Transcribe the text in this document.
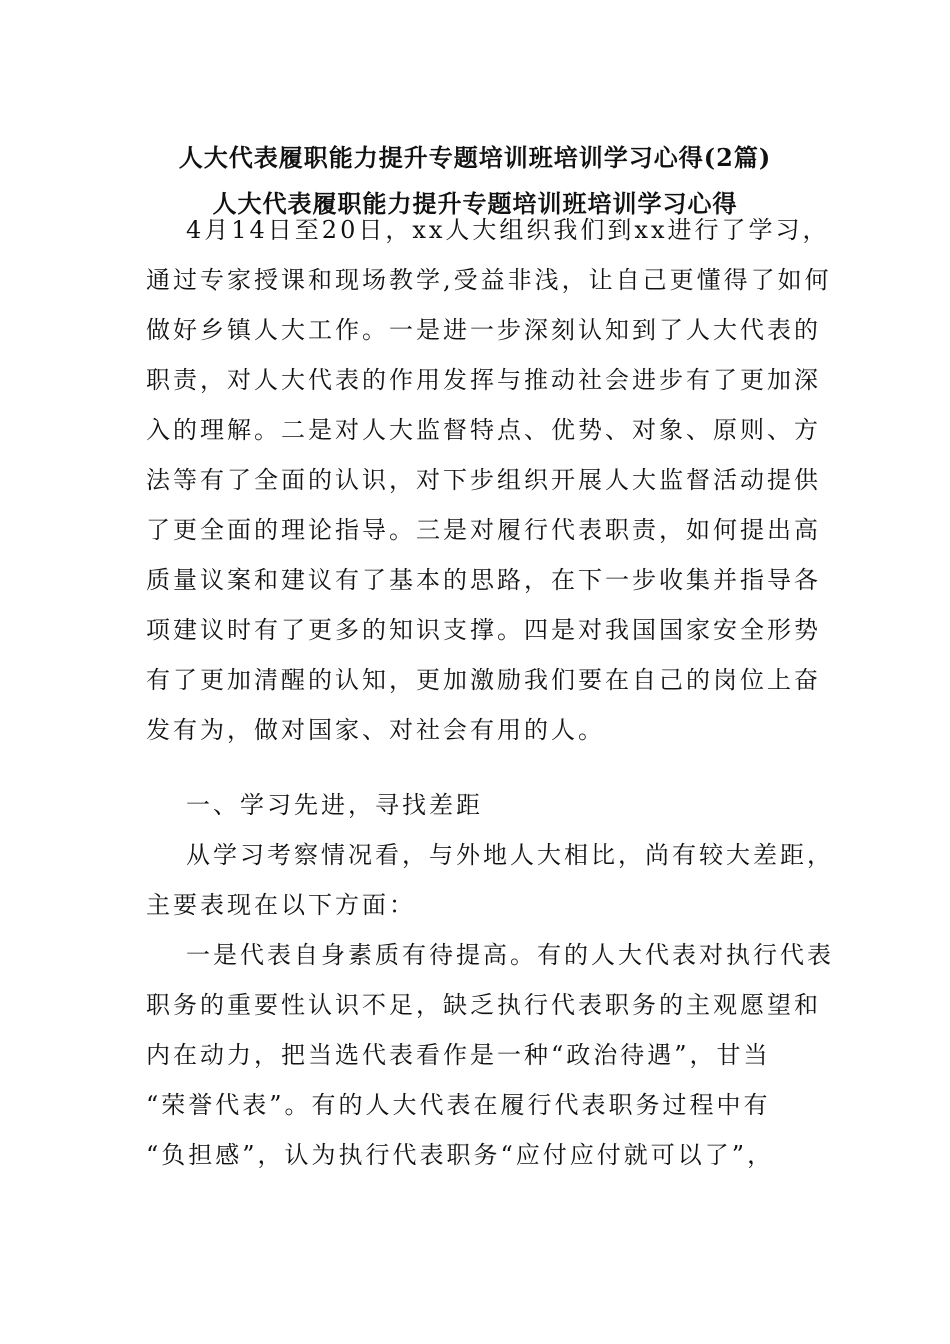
人大代表履职能力提升专题培训班培训学习心得(2篇)
人大代表履职能力提升专题培训班培训学习心得
4月14日至20日，xx人大组织我们到xx进行了学习，
通过专家授课和现场教学,受益非浅，让自己更懂得了如何
做好乡镇人大工作。一是进一步深刻认知到了人大代表的
职责，对人大代表的作用发挥与推动社会进步有了更加深
入的理解。二是对人大监督特点、优势、对象、原则、方
法等有了全面的认识，对下步组织开展人大监督活动提供
了更全面的理论指导。三是对履行代表职责，如何提出高
质量议案和建议有了基本的思路，在下一步收集并指导各
项建议时有了更多的知识支撑。四是对我国国家安全形势
有了更加清醒的认知，更加激励我们要在自己的岗位上奋
发有为，做对国家、对社会有用的人。
一、学习先进，寻找差距
从学习考察情况看，与外地人大相比，尚有较大差距，
主要表现在以下方面：
一是代表自身素质有待提高。有的人大代表对执行代表
职务的重要性认识不足，缺乏执行代表职务的主观愿望和
内在动力，把当选代表看作是一种“政治待遇”，甘当
“荣誉代表”。有的人大代表在履行代表职务过程中有
“负担感”，认为执行代表职务“应付应付就可以了”，
